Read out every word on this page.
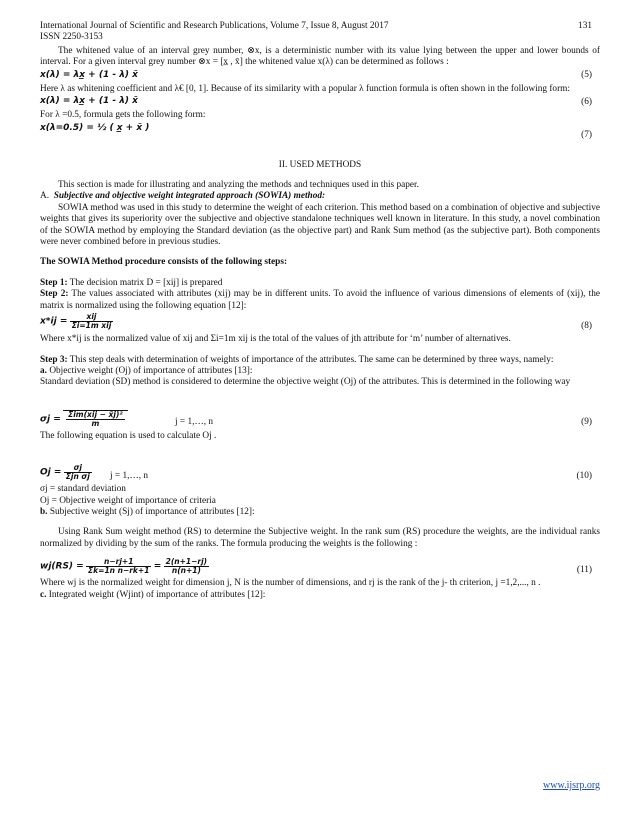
International Journal of Scientific and Research Publications, Volume 7, Issue 8, August 2017	131
ISSN 2250-3153

The whitened value of an interval grey number, ⊗x, is a deterministic number with its value lying between the upper and lower bounds of interval. For a given interval grey number ⊗x = [x̲ , x̄] the whitened value x(λ) can be determined as follows :

x(λ) = λx̲ + (1 - λ) x̄	(5)

Here λ as whitening coefficient and λ€ [0, 1]. Because of its similarity with a popular λ function formula is often shown in the following form:

x(λ) = λx̲ + (1 - λ) x̄	(6)

For λ =0.5, formula gets the following form:

x(λ=0.5) = ½ ( x̲ + x̄ )
(7)
II. USED METHODS

This section is made for illustrating and analyzing the methods and techniques used in this paper.

A. Subjective and objective weight integrated approach (SOWIA) method:

SOWIA method was used in this study to determine the weight of each criterion. This method based on a combination of objective and subjective weights that gives its superiority over the subjective and objective standalone techniques well known in literature. In this study, a novel combination of the SOWIA method by employing the Standard deviation (as the objective part) and Rank Sum method (as the subjective part). Both components were never combined before in previous studies.

The SOWIA Method procedure consists of the following steps:

Step 1: The decision matrix D = [xij] is prepared

Step 2: The values associated with attributes (xij) may be in different units. To avoid the influence of various dimensions of elements of (xij), the matrix is normalized using the following equation [12]:

$x*ij = \frac{\text{xij}}{\text{Σi=1m xij}}$	(8)

Where x*ij is the normalized value of xij and Σi=1m xij is the total of the values of jth attribute for ‘m’ number of alternatives.

Step 3: This step deals with determination of weights of importance of the attributes. The same can be determined by three ways, namely:

a. Objective weight (Oj) of importance of attributes [13]:

Standard deviation (SD) method is considered to determine the objective weight (Oj) of the attributes. This is determined in the following way

$\sigma j = \frac{\text{Σim(xij − x̄j)²}}{m}$	j = 1,…, n	(9)

The following equation is used to calculate Oj .

$Oj = \frac{\sigma j}{\text{Σjn σj}}$ j = 1,…, n	(10)

σj = standard deviation

Oj = Objective weight of importance of criteria

b. Subjective weight (Sj) of importance of attributes [12]:

Using Rank Sum weight method (RS) to determine the Subjective weight. In the rank sum (RS) procedure the weights, are the individual ranks normalized by dividing by the sum of the ranks. The formula producing the weights is the following :

$wj(RS) = \frac{n-rj+1}{\text{Σk=1n n−rk+1}} = \frac{2(n+1-rj)}{n(n+1)}$	(11)

Where wj is the normalized weight for dimension j, N is the number of dimensions, and rj is the rank of the j- th criterion, j =1,2,..., n .

c. Integrated weight (Wjint) of importance of attributes [12]:

www.ijsrp.org
